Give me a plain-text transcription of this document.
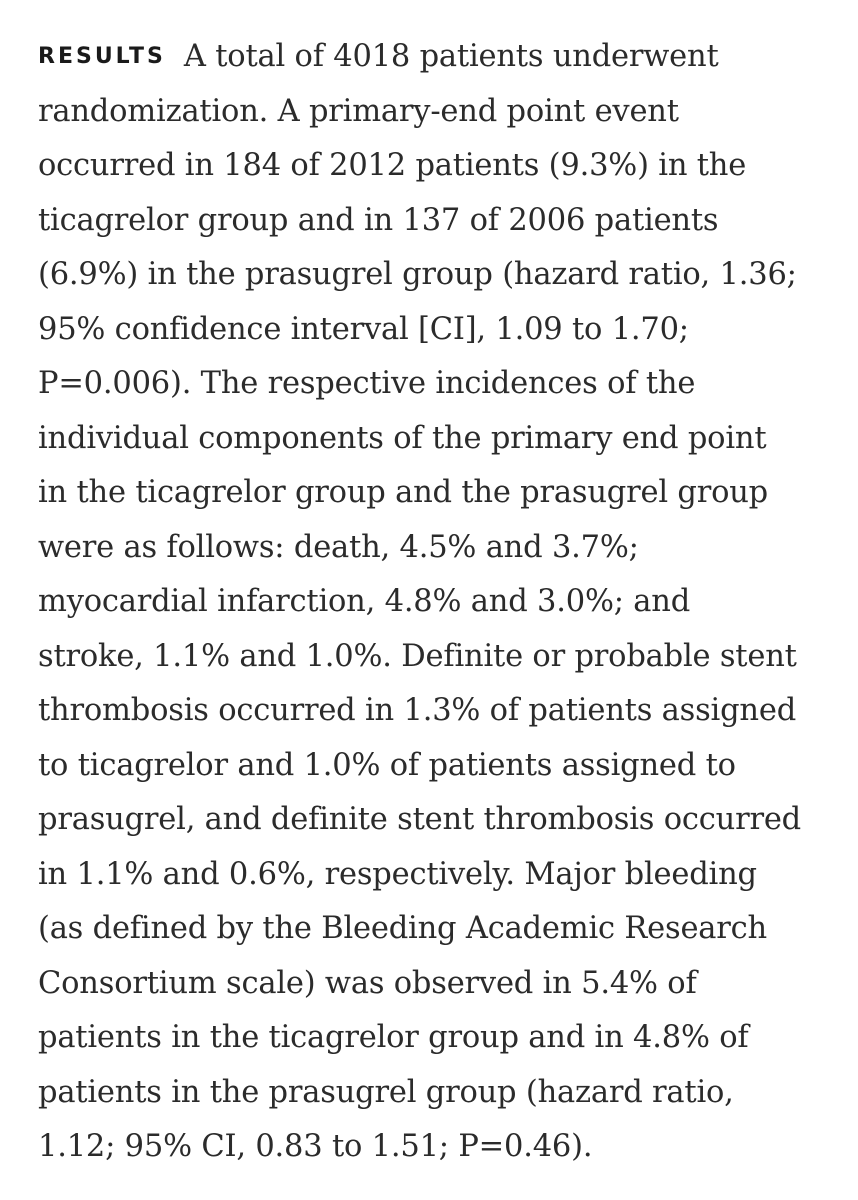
RESULTS A total of 4018 patients underwent
randomization. A primary-end point event
occurred in 184 of 2012 patients (9.3%) in the
ticagrelor group and in 137 of 2006 patients
(6.9%) in the prasugrel group (hazard ratio, 1.36;
95% confidence interval [CI], 1.09 to 1.70;
P=0.006). The respective incidences of the
individual components of the primary end point
in the ticagrelor group and the prasugrel group
were as follows: death, 4.5% and 3.7%;
myocardial infarction, 4.8% and 3.0%; and
stroke, 1.1% and 1.0%. Definite or probable stent
thrombosis occurred in 1.3% of patients assigned
to ticagrelor and 1.0% of patients assigned to
prasugrel, and definite stent thrombosis occurred
in 1.1% and 0.6%, respectively. Major bleeding
(as defined by the Bleeding Academic Research
Consortium scale) was observed in 5.4% of
patients in the ticagrelor group and in 4.8% of
patients in the prasugrel group (hazard ratio,
1.12; 95% CI, 0.83 to 1.51; P=0.46).
